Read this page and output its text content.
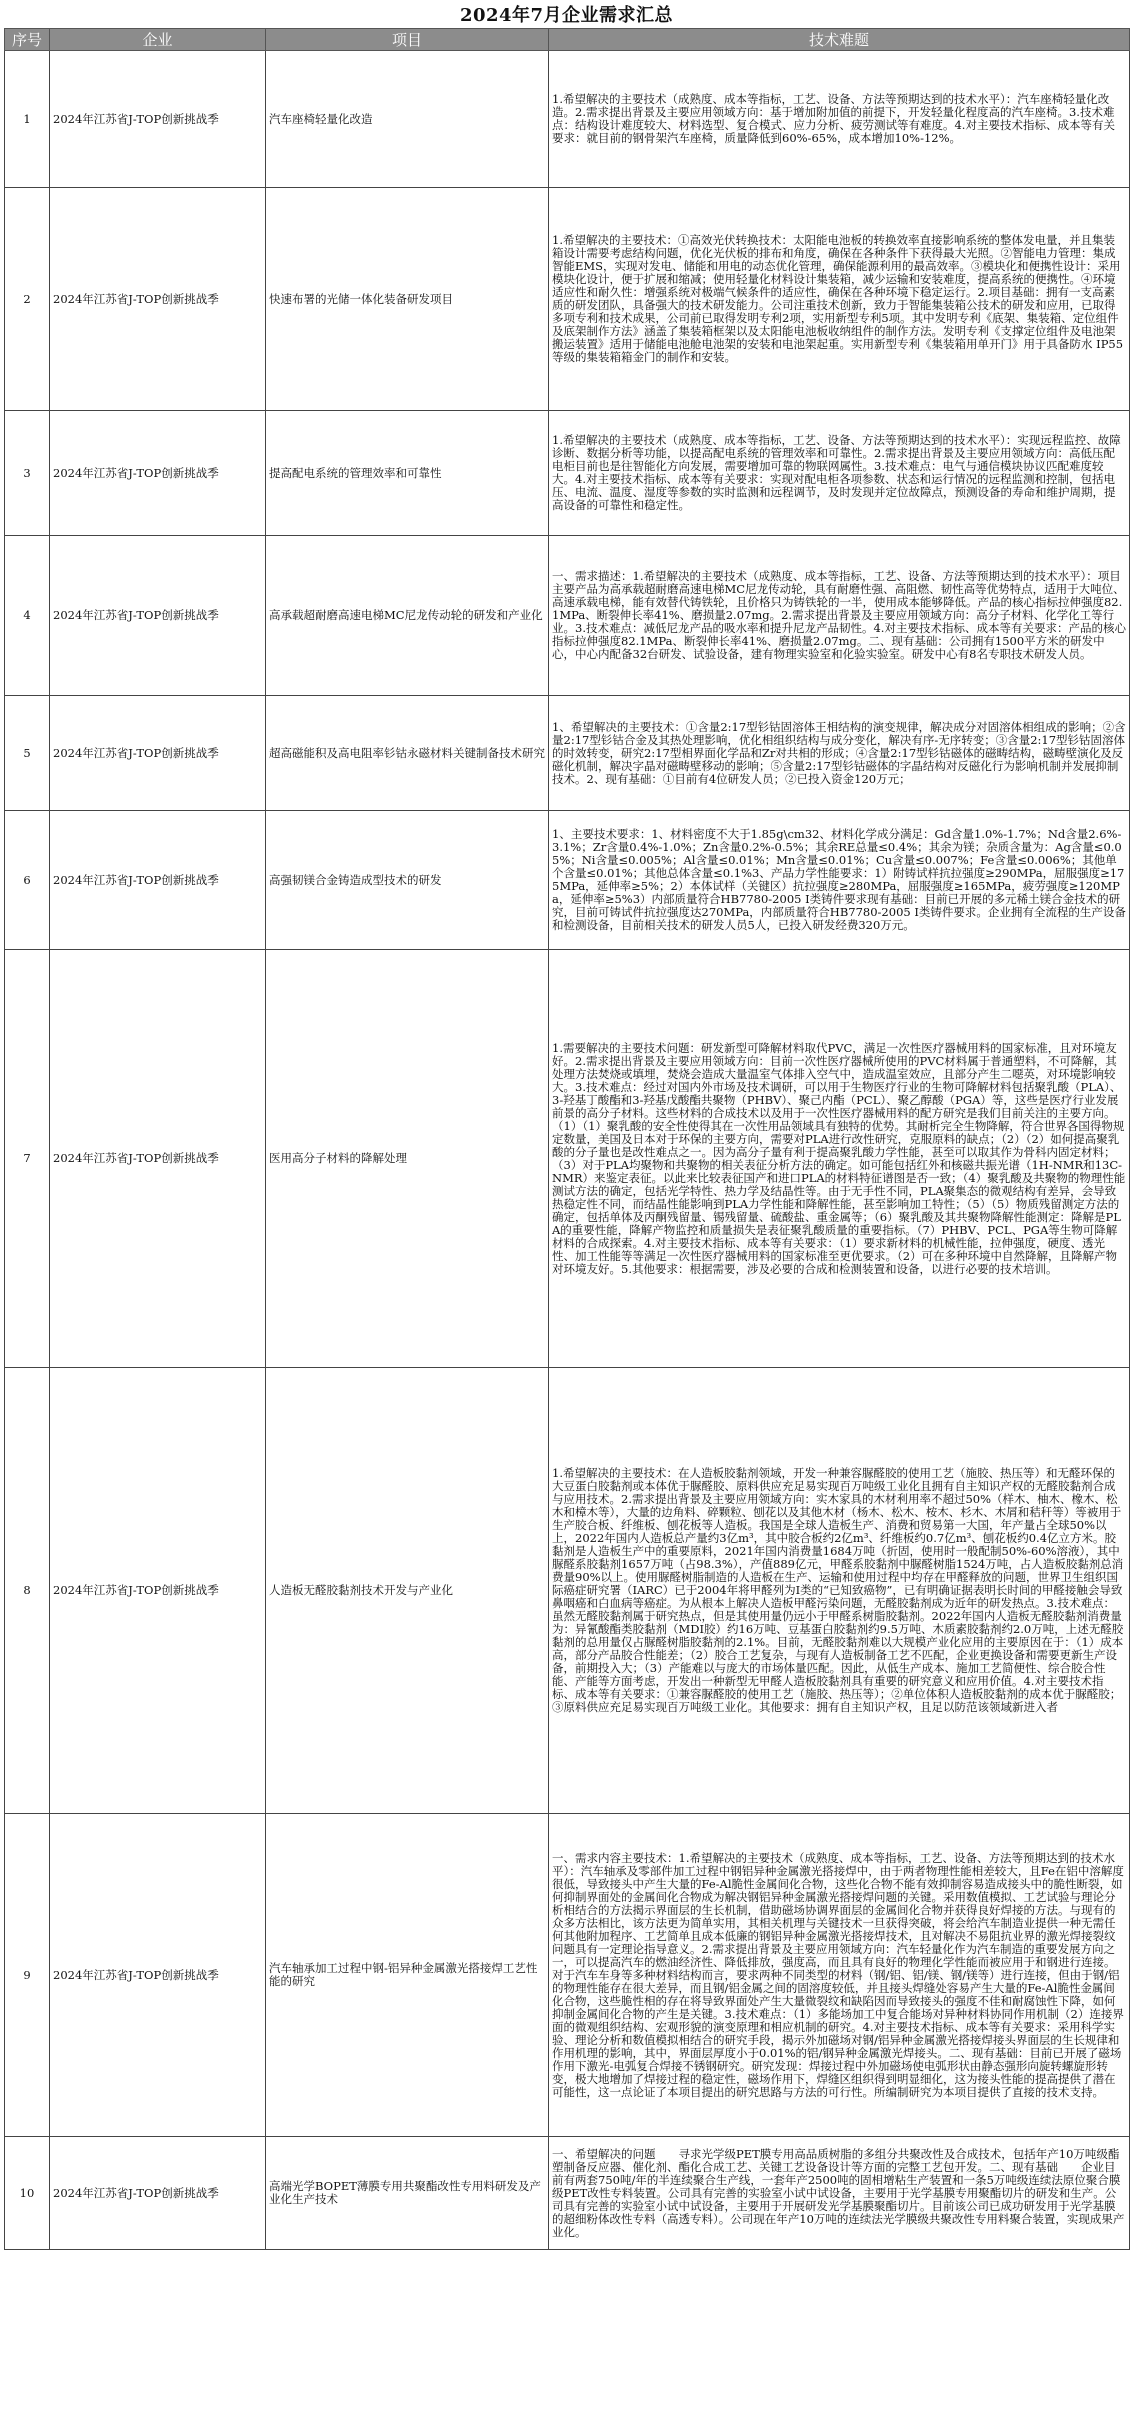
2024年7月企业需求汇总
序号	企业	项目	技术难题
1	2024年江苏省J-TOP创新挑战季	汽车座椅轻量化改造	1.希望解决的主要技术（成熟度、成本等指标，工艺、设备、方法等预期达到的技术水平）：汽车座椅轻量化改造。2.需求提出背景及主要应用领域方向：基于增加附加值的前提下，开发轻量化程度高的汽车座椅。3.技术难点：结构设计难度较大、材料选型、复合模式、应力分析、疲劳测试等有难度。4.对主要技术指标、成本等有关要求：就目前的钢骨架汽车座椅，质量降低到60%-65%，成本增加10%-12%。
2	2024年江苏省J-TOP创新挑战季	快速布署的光储一体化装备研发项目	1.希望解决的主要技术：①高效光伏转换技术：太阳能电池板的转换效率直接影响系统的整体发电量，并且集装箱设计需要考虑结构问题，优化光伏板的排布和角度，确保在各种条件下获得最大光照。②智能电力管理：集成智能EMS，实现对发电、储能和用电的动态优化管理，确保能源利用的最高效率。③模块化和便携性设计：采用模块化设计，便于扩展和缩减；使用轻量化材料设计集装箱，减少运输和安装难度，提高系统的便携性。④环境适应性和耐久性：增强系统对极端气候条件的适应性，确保在各种环境下稳定运行。2.项目基础：拥有一支高素质的研发团队，具备强大的技术研发能力。公司注重技术创新，致力于智能集装箱公技术的研发和应用，已取得多项专利和技术成果，公司前已取得发明专利2项，实用新型专利5项。其中发明专利《底架、集装箱、定位组件及底架制作方法》涵盖了集装箱框架以及太阳能电池板收纳组件的制作方法。发明专利《支撑定位组件及电池架搬运装置》适用于储能电池舱电池架的安装和电池架起重。实用新型专利《集装箱用单开门》用于具备防水 IP55 等级的集装箱箱金门的制作和安装。
3	2024年江苏省J-TOP创新挑战季	提高配电系统的管理效率和可靠性	1.希望解决的主要技术（成熟度、成本等指标，工艺、设备、方法等预期达到的技术水平）：实现远程监控、故障诊断、数据分析等功能，以提高配电系统的管理效率和可靠性。2.需求提出背景及主要应用领域方向：高低压配电柜目前也是往智能化方向发展，需要增加可靠的物联网属性。3.技术难点：电气与通信模块协议匹配难度较大。4.对主要技术指标、成本等有关要求：实现对配电柜各项参数、状态和运行情况的远程监测和控制，包括电压、电流、温度、湿度等参数的实时监测和远程调节，及时发现并定位故障点，预测设备的寿命和维护周期，提高设备的可靠性和稳定性。
4	2024年江苏省J-TOP创新挑战季	高承载超耐磨高速电梯MC尼龙传动轮的研发和产业化	一、需求描述：1.希望解决的主要技术（成熟度、成本等指标，工艺、设备、方法等预期达到的技术水平）：项目主要产品为高承载超耐磨高速电梯MC尼龙传动轮，具有耐磨性强、高阻燃、韧性高等优势特点，适用于大吨位、高速承载电梯，能有效替代铸铁轮，且价格只为铸铁轮的一半，使用成本能够降低。产品的核心指标拉伸强度82.1MPa、断裂伸长率41%、磨损量2.07mg。2.需求提出背景及主要应用领域方向：高分子材料、化学化工等行业。3.技术难点：减低尼龙产品的吸水率和提升尼龙产品韧性。4.对主要技术指标、成本等有关要求：产品的核心指标拉伸强度82.1MPa、断裂伸长率41%、磨损量2.07mg。二、现有基础：公司拥有1500平方米的研发中心，中心内配备32台研发、试验设备，建有物理实验室和化验实验室。研发中心有8名专职技术研发人员。
5	2024年江苏省J-TOP创新挑战季	超高磁能积及高电阻率钐钴永磁材料关键制备技术研究	1、希望解决的主要技术：①含量2:17型钐钴固溶体王相结构的演变规律，解决成分对固溶体相组成的影响；②含量2:17型钐钴合金及其热处理影响，优化相组织结构与成分变化，解决有序-无序转变；③含量2:17型钐钴固溶体的时效转变，研究2:17型相界面化学品和Zr对共相的形成；④含量2:17型钐钴磁体的磁畴结构，磁畴壁演化及反磁化机制，解决字晶对磁畴壁移动的影响；⑤含量2:17型钐钴磁体的字晶结构对反磁化行为影响机制并发展抑制技术。2、现有基础：①目前有4位研发人员；②已投入资金120万元；
6	2024年江苏省J-TOP创新挑战季	高强韧镁合金铸造成型技术的研发	1、主要技术要求：1、材料密度不大于1.85g\cm32、材料化学成分满足：Gd含量1.0%-1.7%；Nd含量2.6%-3.1%；Zr含量0.4%-1.0%；Zn含量0.2%-0.5%；其余RE总量≤0.4%；其余为镁；杂质含量为：Ag含量≤0.05%；Ni含量≤0.005%；Al含量≤0.01%；Mn含量≤0.01%；Cu含量≤0.007%；Fe含量≤0.006%；其他单个含量≤0.01%；其他总体含量≤0.1%3、产品力学性能要求：1）附铸试样抗拉强度≥290MPa，屈服强度≥175MPa，延伸率≥5%；2）本体试样（关键区）抗拉强度≥280MPa，屈服强度≥165MPa，疲劳强度≥120MPa，延伸率≥5%3）内部质量符合HB7780-2005 Ⅰ类铸件要求现有基础：目前已开展的多元稀土镁合金技术的研究，目前可铸试件抗拉强度达270MPa，内部质量符合HB7780-2005 Ⅰ类铸件要求。企业拥有全流程的生产设备和检测设备，目前相关技术的研发人员5人，已投入研发经费320万元。
7	2024年江苏省J-TOP创新挑战季	医用高分子材料的降解处理	1.需要解决的主要技术问题：研发新型可降解材料取代PVC，满足一次性医疗器械用料的国家标准，且对环境友好。2.需求提出背景及主要应用领域方向：目前一次性医疗器械所使用的PVC材料属于普通塑料，不可降解，其处理方法焚烧或填埋，焚烧会造成大量温室气体排入空气中，造成温室效应，且部分产生二噁英，对环境影响较大。3.技术难点：经过对国内外市场及技术调研，可以用于生物医疗行业的生物可降解材料包括聚乳酸（PLA）、3-羟基丁酸酯和3-羟基戊酸酯共聚物（PHBV）、聚己内酯（PCL）、聚乙醇酸（PGA）等，这些是医疗行业发展前景的高分子材料。这些材料的合成技术以及用于一次性医疗器械用料的配方研究是我们目前关注的主要方向。（1）（1）聚乳酸的安全性使得其在一次性用品领域具有独特的优势。其耐析完全生物降解，符合世界各国得物规定数量，美国及日本对于环保的主要方向，需要对PLA进行改性研究，克服原料的缺点；（2）（2）如何提高聚乳酸的分子量也是改性难点之一。因为高分子量有利于提高聚乳酸力学性能，甚至可以取其作为骨科内固定材料；（3）对于PLA均聚物和共聚物的相关表征分析方法的确定。如可能包括红外和核磁共振光谱（1H-NMR和13C-NMR）来鉴定表征。以此来比较表征国产和进口PLA的材料特征谱图是否一致；（4）聚乳酸及共聚物的物理性能测试方法的确定，包括光学特性、热力学及结晶性等。由于无手性不同，PLA聚集态的微观结构有差异，会导致热稳定性不同，而结晶性能影响到PLA力学性能和降解性能，甚至影响加工特性；（5）（5）物质残留测定方法的确定，包括单体及丙酮残留量、锡残留量、硫酸盐、重金属等；（6）聚乳酸及其共聚物降解性能测定：降解是PLA的重要性能，降解产物监控和质量损失是表征聚乳酸质量的重要指标。（7）PHBV、PCL、PGA等生物可降解材料的合成探索。4.对主要技术指标、成本等有关要求：（1）要求新材料的机械性能，拉伸强度，硬度、透光性、加工性能等等满足一次性医疗器械用料的国家标准至更优要求。（2）可在多种环境中自然降解，且降解产物对环境友好。5.其他要求：根据需要，涉及必要的合成和检测装置和设备，以进行必要的技术培训。
8	2024年江苏省J-TOP创新挑战季	人造板无醛胶黏剂技术开发与产业化	1.希望解决的主要技术：在人造板胶黏剂领域，开发一种兼容脲醛胶的使用工艺（施胶、热压等）和无醛环保的大豆蛋白胶黏剂或本体优于脲醛胶、原料供应充足易实现百万吨级工业化且拥有自主知识产权的无醛胶黏剂合成与应用技术。2.需求提出背景及主要应用领域方向：实木家具的木材利用率不超过50%（样木、柚木、橡木、松木和樟木等），大量的边角料、碎颗粒、刨花以及其他木材（杨木、松木、桉木、杉木、木屑和秸秆等）等被用于生产胶合板、纤维板、刨花板等人造板。我国是全球人造板生产、消费和贸易第一大国，年产量占全球50%以上，2022年国内人造板总产量约3亿m³，其中胶合板约2亿m³、纤维板约0.7亿m³、刨花板约0.4亿立方米。胶黏剂是人造板生产中的重要原料，2021年国内消费量1684万吨（折固，使用时一般配制50%-60%溶液），其中脲醛系胶黏剂1657万吨（占98.3%），产值889亿元，甲醛系胶黏剂中脲醛树脂1524万吨，占人造板胶黏剂总消费量90%以上。使用脲醛树脂制造的人造板在生产、运输和使用过程中均存在甲醛释放的问题，世界卫生组织国际癌症研究署（IARC）已于2004年将甲醛列为Ⅰ类的“已知致癌物”，已有明确证据表明长时间的甲醛接触会导致鼻咽癌和白血病等癌症。为从根本上解决人造板甲醛污染问题，无醛胶黏剂成为近年的研发热点。3.技术难点：虽然无醛胶黏剂属于研究热点，但是其使用量仍远小于甲醛系树脂胶黏剂。2022年国内人造板无醛胶黏剂消费量为：异氰酸酯类胶黏剂（MDI胶）约16万吨、豆基蛋白胶黏剂约9.5万吨、木质素胶黏剂约2.0万吨，上述无醛胶黏剂的总用量仅占脲醛树脂胶黏剂的2.1%。目前，无醛胶黏剂难以大规模产业化应用的主要原因在于：（1）成本高，部分产品胶合性能差；（2）胶合工艺复杂，与现有人造板制备工艺不匹配，企业更换设备和需要更新生产设备，前期投入大；（3）产能难以与庞大的市场体量匹配。因此，从低生产成本、施加工艺简便性、综合胶合性能、产能等方面考虑，开发出一种新型无甲醛人造板胶黏剂具有重要的研究意义和应用价值。4.对主要技术指标、成本等有关要求：①兼容脲醛胶的使用工艺（施胶、热压等）；②单位体积人造板胶黏剂的成本优于脲醛胶；③原料供应充足易实现百万吨级工业化。其他要求：拥有自主知识产权，且足以防范该领域新进入者
9	2024年江苏省J-TOP创新挑战季	汽车轴承加工过程中钢-铝异种金属激光搭接焊工艺性能的研究	一、需求内容主要技术：1.希望解决的主要技术（成熟度、成本等指标，工艺、设备、方法等预期达到的技术水平）：汽车轴承及零部件加工过程中钢铝异种金属激光搭接焊中，由于两者物理性能相差较大，且Fe在铝中溶解度很低，导致接头中产生大量的Fe-Al脆性金属间化合物，这些化合物不能有效抑制容易造成接头中的脆性断裂，如何抑制界面处的金属间化合物成为解决钢铝异种金属激光搭接焊问题的关键。采用数值模拟、工艺试验与理论分析相结合的方法揭示界面层的生长机制，借助磁场协调界面层的金属间化合物并获得良好焊接的方法。与现有的众多方法相比，该方法更为简单实用，其相关机理与关键技术一旦获得突破，将会给汽车制造业提供一种无需任何其他附加程序、工艺简单且成本低廉的钢铝异种金属激光搭接焊技术，且对解决不易阻抗业界的激光焊接裂纹问题具有一定理论指导意义。2.需求提出背景及主要应用领域方向：汽车轻量化作为汽车制造的重要发展方向之一，可以提高汽车的燃油经济性、降低排放，强度高，而且具有良好的物理化学性能而被应用于和钢进行连接。对于汽车车身等多种材料结构而言，要求两种不同类型的材料（钢/铝、铝/镁、钢/镁等）进行连接，但由于钢/铝的物理性能存在很大差异，而且钢/铝金属之间的固溶度较低，并且接头焊缝处容易产生大量的Fe-Al脆性金属间化合物，这些脆性相的存在将导致界面处产生大量微裂纹和缺陷因而导致接头的强度不佳和耐腐蚀性下降，如何抑制金属间化合物的产生是关键。3.技术难点：（1）多能场加工中复合能场对异种材料协同作用机制（2）连接界面的微观组织结构、宏观形貌的演变原理和相应机制的研究。4.对主要技术指标、成本等有关要求：采用科学实验、理论分析和数值模拟相结合的研究手段，揭示外加磁场对钢/铝异种金属激光搭接焊接头界面层的生长规律和作用机理的影响，其中，界面层厚度小于0.01%的铝/钢异种金属激光焊接头。二、现有基础：目前已开展了磁场作用下激光-电弧复合焊接不锈钢研究。研究发现：焊接过程中外加磁场使电弧形状由静态强形向旋转螺旋形转变，极大地增加了焊接过程的稳定性，磁场作用下，焊缝区组织得到明显细化，这为接头性能的提高提供了潜在可能性，这一点论证了本项目提出的研究思路与方法的可行性。所编制研究为本项目提供了直接的技术支持。
10	2024年江苏省J-TOP创新挑战季	高端光学BOPET薄膜专用共聚酯改性专用料研发及产业化生产技术	一、希望解决的问题　　寻求光学级PET膜专用高品质树脂的多组分共聚改性及合成技术，包括年产10万吨级酯塑制备反应器、催化剂、酯化合成工艺、关键工艺设备设计等方面的完整工艺包开发。二、现有基础　　企业目前有两套750吨/年的半连续聚合生产线，一套年产2500吨的固相增粘生产装置和一条5万吨级连续法原位聚合膜级PET改性专料装置。公司具有完善的实验室小试中试设备，主要用于光学基膜专用聚酯切片的研发和生产。公司具有完善的实验室小试中试设备，主要用于开展研发光学基膜聚酯切片。目前该公司已成功研发用于光学基膜的超细粉体改性专料（高透专料）。公司现在年产10万吨的连续法光学膜级共聚改性专用料聚合装置，实现成果产业化。
